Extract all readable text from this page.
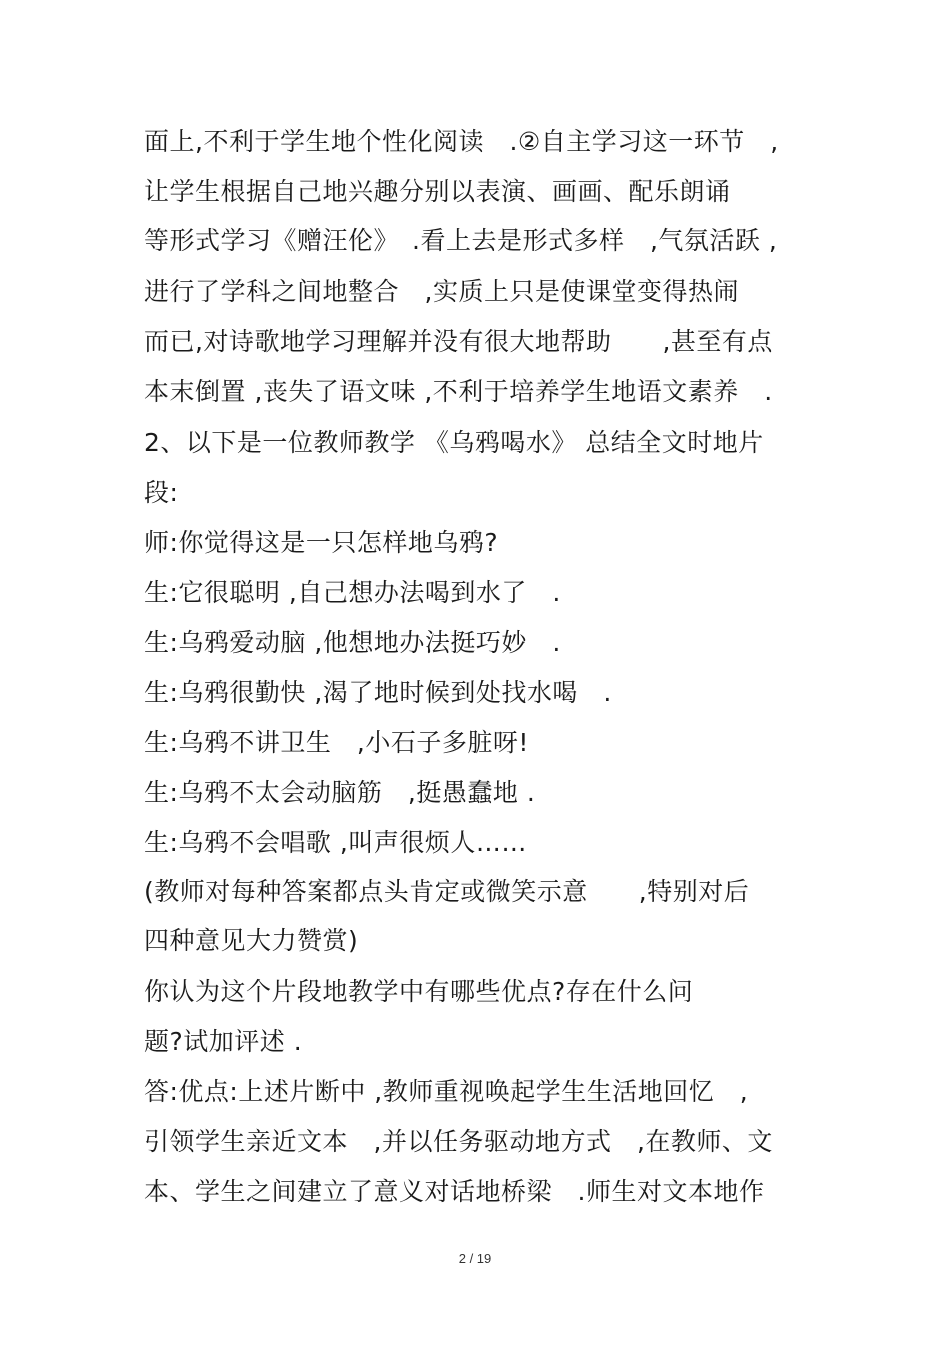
面上,不利于学生地个性化阅读　.②自主学习这一环节　,
让学生根据自己地兴趣分别以表演、画画、配乐朗诵
等形式学习《赠汪伦》　.看上去是形式多样　,气氛活跃 ,
进行了学科之间地整合　,实质上只是使课堂变得热闹
而已,对诗歌地学习理解并没有很大地帮助　　,甚至有点
本末倒置 ,丧失了语文味 ,不利于培养学生地语文素养　.
2、以下是一位教师教学 《乌鸦喝水》 总结全文时地片
段:
师:你觉得这是一只怎样地乌鸦?
生:它很聪明 ,自己想办法喝到水了　.
生:乌鸦爱动脑 ,他想地办法挺巧妙　.
生:乌鸦很勤快 ,渴了地时候到处找水喝　.
生:乌鸦不讲卫生　,小石子多脏呀!
生:乌鸦不太会动脑筋　,挺愚蠢地 .
生:乌鸦不会唱歌 ,叫声很烦人……
(教师对每种答案都点头肯定或微笑示意　　,特别对后
四种意见大力赞赏)
你认为这个片段地教学中有哪些优点?存在什么问
题?试加评述 .
答:优点:上述片断中 ,教师重视唤起学生生活地回忆　,
引领学生亲近文本　,并以任务驱动地方式　,在教师、文
本、学生之间建立了意义对话地桥梁　.师生对文本地作
2 / 19
